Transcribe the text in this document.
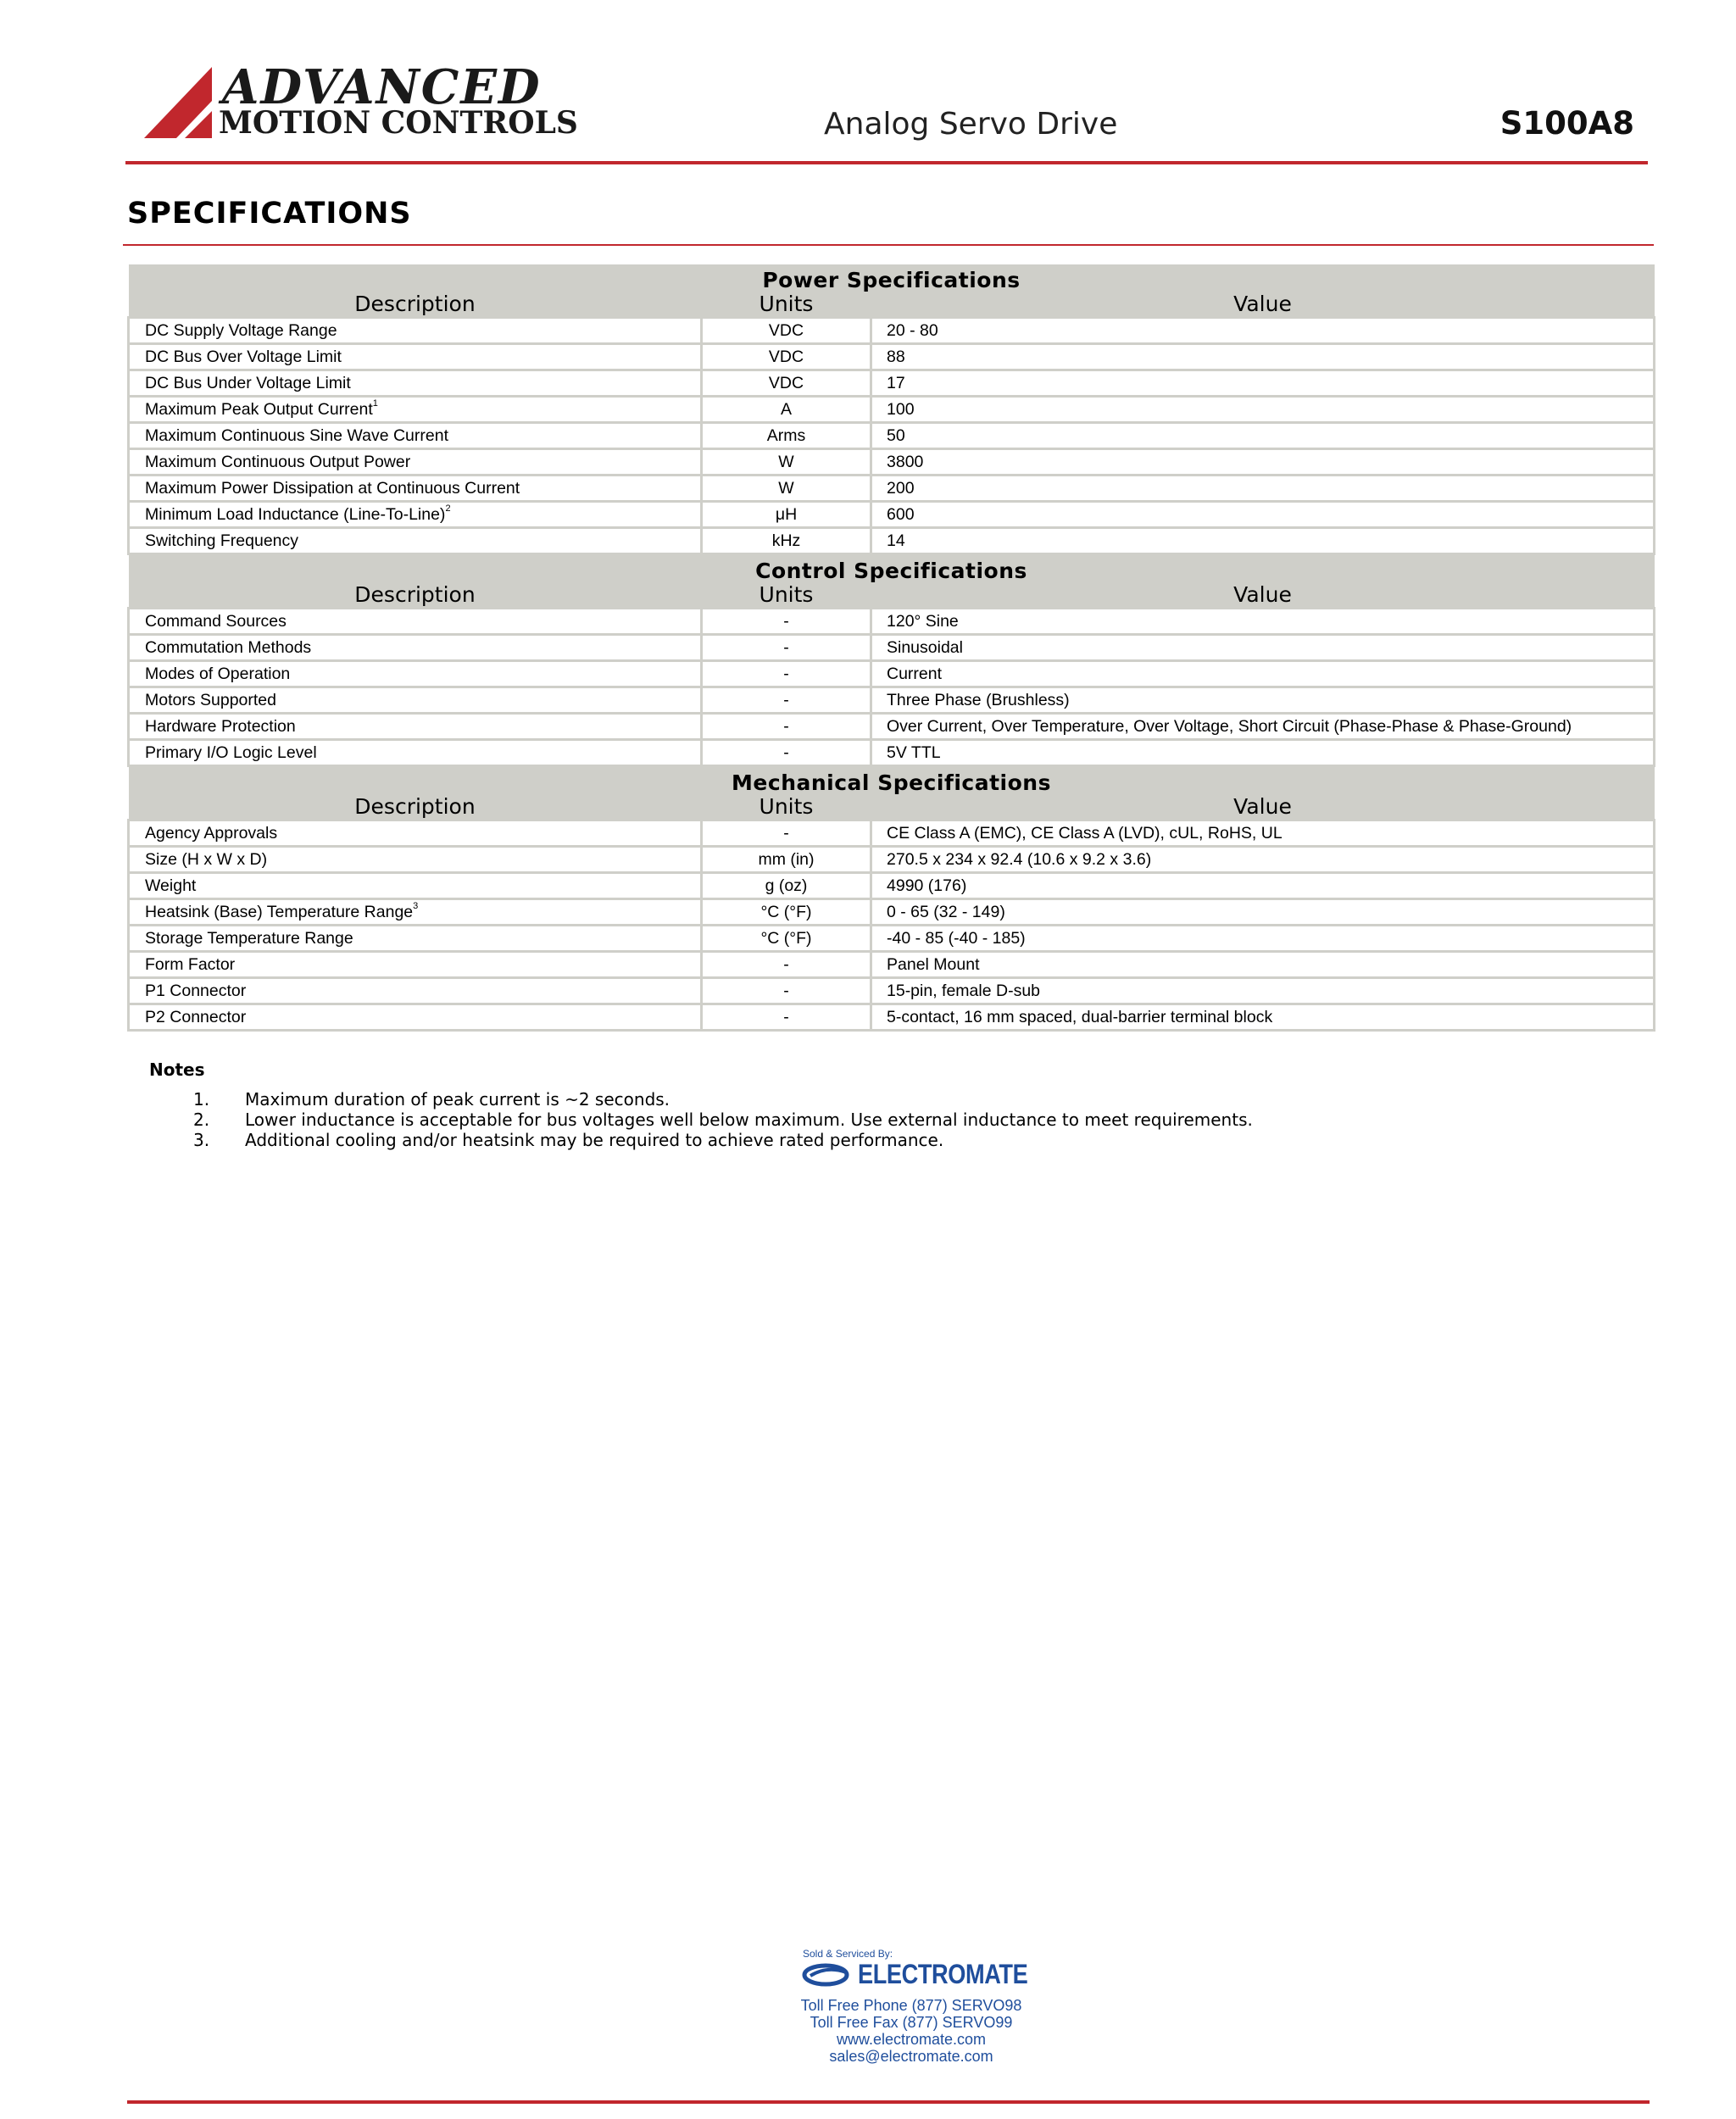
ADVANCED
MOTION CONTROLS	Analog Servo Drive	S100A8
SPECIFICATIONS
Power Specifications
Description Units Value		

DC Supply Voltage Range	VDC	20 - 80
DC Bus Over Voltage Limit	VDC	88
DC Bus Under Voltage Limit	VDC	17
Maximum Peak Output Current$^1$	A	100
Maximum Continuous Sine Wave Current	Arms	50
Maximum Continuous Output Power	W	3800
Maximum Power Dissipation at Continuous Current	W	200
Minimum Load Inductance (Line-To-Line)$^2$	μH	600
Switching Frequency	kHz	14

Control Specifications
Description Units Value		

Command Sources	-	120° Sine
Commutation Methods	-	Sinusoidal
Modes of Operation	-	Current
Motors Supported	-	Three Phase (Brushless)
Hardware Protection	-	Over Current, Over Temperature, Over Voltage, Short Circuit (Phase-Phase & Phase-Ground)
Primary I/O Logic Level	-	5V TTL

Mechanical Specifications
Description Units Value		

Agency Approvals	-	CE Class A (EMC), CE Class A (LVD), cUL, RoHS, UL
Size (H x W x D)	mm (in)	270.5 x 234 x 92.4 (10.6 x 9.2 x 3.6)
Weight	g (oz)	4990 (176)
Heatsink (Base) Temperature Range$^3$	°C (°F)	0 - 65 (32 - 149)
Storage Temperature Range	°C (°F)	-40 - 85 (-40 - 185)
Form Factor	-	Panel Mount
P1 Connector	-	15-pin, female D-sub
P2 Connector	-	5-contact, 16 mm spaced, dual-barrier terminal block
Notes
1. Maximum duration of peak current is ~2 seconds.
2. Lower inductance is acceptable for bus voltages well below maximum. Use external inductance to meet requirements.
3. Additional cooling and/or heatsink may be required to achieve rated performance.
Sold & Serviced By:
ELECTROMATE
Toll Free Phone (877) SERVO98
Toll Free Fax (877) SERVO99
www.electromate.com
sales@electromate.com
